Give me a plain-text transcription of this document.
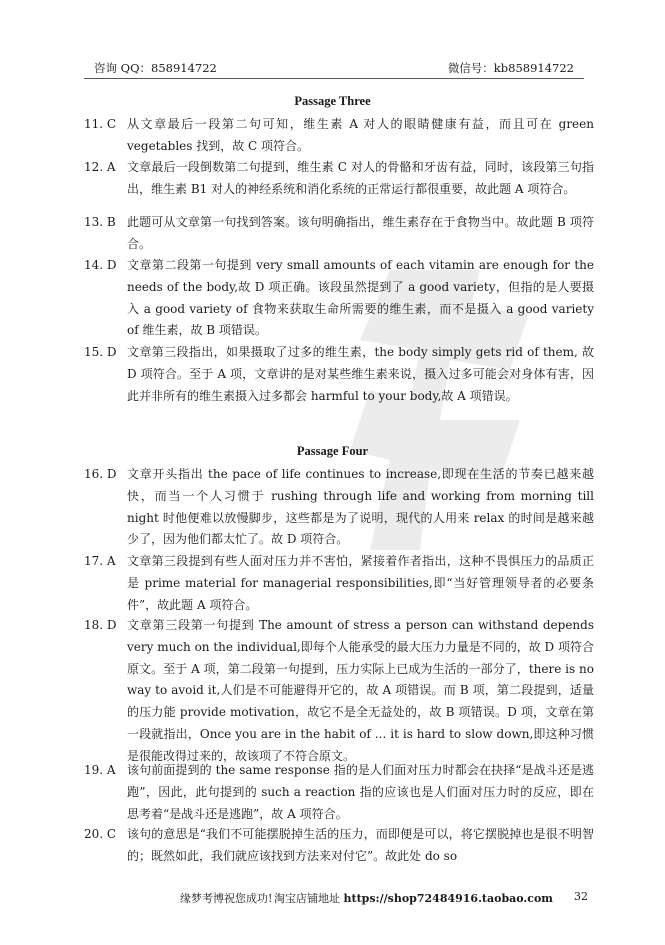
咨询 QQ：858914722	微信号：kb858914722
Passage Three
11. C 从文章最后一段第二句可知，维生素 A 对人的眼睛健康有益，而且可在 green vegetables 找到，故 C 项符合。
12. A 文章最后一段倒数第二句提到，维生素 C 对人的骨骼和牙齿有益，同时，该段第三句指出，维生素 B1 对人的神经系统和消化系统的正常运行都很重要，故此题 A 项符合。
13. B 此题可从文章第一句找到答案。该句明确指出，维生素存在于食物当中。故此题 B 项符合。
14. D 文章第二段第一句提到 very small amounts of each vitamin are enough for the needs of the body,故 D 项正确。该段虽然提到了 a good variety，但指的是人要摄入 a good variety of 食物来获取生命所需要的维生素，而不是摄入 a good variety of 维生素，故 B 项错误。
15. D 文章第三段指出，如果摄取了过多的维生素，the body simply gets rid of them, 故 D 项符合。至于 A 项，文章讲的是对某些维生素来说，摄入过多可能会对身体有害，因此并非所有的维生素摄入过多都会 harmful to your body,故 A 项错误。
Passage Four
16. D 文章开头指出 the pace of life continues to increase,即现在生活的节奏已越来越快，而当一个人习惯于 rushing through life and working from morning till night 时他便难以放慢脚步，这些都是为了说明，现代的人用来 relax 的时间是越来越少了，因为他们都太忙了。故 D 项符合。
17. A 文章第三段提到有些人面对压力并不害怕，紧接着作者指出，这种不畏惧压力的品质正是 prime material for managerial responsibilities,即“当好管理领导者的必要条件”，故此题 A 项符合。
18. D 文章第三段第一句提到 The amount of stress a person can withstand depends very much on the individual,即每个人能承受的最大压力力量是不同的，故 D 项符合原文。至于 A 项，第二段第一句提到，压力实际上已成为生活的一部分了，there is no way to avoid it,人们是不可能避得开它的，故 A 项错误。而 B 项，第二段提到，适量的压力能 provide motivation，故它不是全无益处的，故 B 项错误。D 项，文章在第一段就指出，Once you are in the habit of ... it is hard to slow down,即这种习惯是很能改得过来的，故该项了不符合原文。
19. A 该句前面提到的 the same response 指的是人们面对压力时都会在抉择“是战斗还是逃跑”，因此，此句提到的 such a reaction 指的应该也是人们面对压力时的反应，即在思考着“是战斗还是逃跑”，故 A 项符合。
20. C 该句的意思是“我们不可能摆脱掉生活的压力，而即便是可以，将它摆脱掉也是很不明智的；既然如此，我们就应该找到方法来对付它”。故此处 do so
缘梦考博祝您成功! 淘宝店铺地址 https://shop72484916.taobao.com 32
